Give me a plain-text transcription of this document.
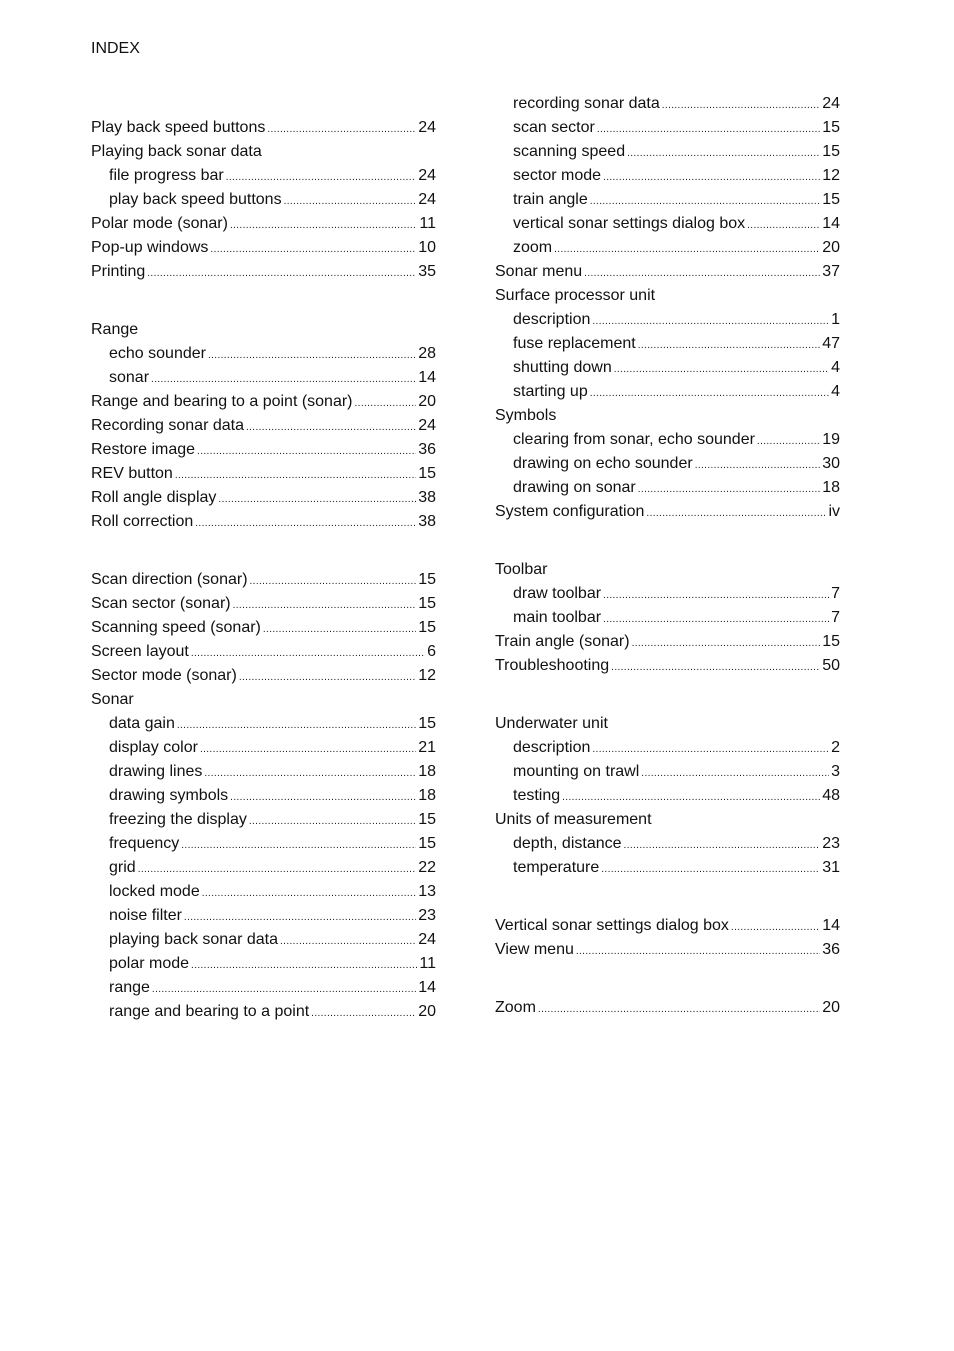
INDEX
Play back speed buttons . . .	24
Playing back sonar data
file progress bar . . .	24
play back speed buttons . . .	24
Polar mode (sonar) . . .	11
Pop-up windows . . .	10
Printing . . .	35
Range
echo sounder . . .	28
sonar . . .	14
Range and bearing to a point (sonar) . . .	20
Recording sonar data . . .	24
Restore image . . .	36
REV button . . .	15
Roll angle display . . .	38
Roll correction . . .	38
Scan direction (sonar) . . .	15
Scan sector (sonar) . . .	15
Scanning speed (sonar) . . .	15
Screen layout . . .	6
Sector mode (sonar) . . .	12
Sonar
data gain . . .	15
display color . . .	21
drawing lines . . .	18
drawing symbols . . .	18
freezing the display . . .	15
frequency . . .	15
grid . . .	22
locked mode . . .	13
noise filter . . .	23
playing back sonar data . . .	24
polar mode . . .	11
range . . .	14
range and bearing to a point . . .	20
recording sonar data . . .	24
scan sector . . .	15
scanning speed . . .	15
sector mode . . .	12
train angle . . .	15
vertical sonar settings dialog box . . .	14
zoom . . .	20
Sonar menu . . .	37
Surface processor unit
description . . .	1
fuse replacement . . .	47
shutting down . . .	4
starting up . . .	4
Symbols
clearing from sonar, echo sounder . . .	19
drawing on echo sounder . . .	30
drawing on sonar . . .	18
System configuration . . .	iv
Toolbar
draw toolbar . . .	7
main toolbar . . .	7
Train angle (sonar) . . .	15
Troubleshooting . . .	50
Underwater unit
description . . .	2
mounting on trawl . . .	3
testing . . .	48
Units of measurement
depth, distance . . .	23
temperature . . .	31
Vertical sonar settings dialog box . . .	14
View menu . . .	36
Zoom . . .	20
